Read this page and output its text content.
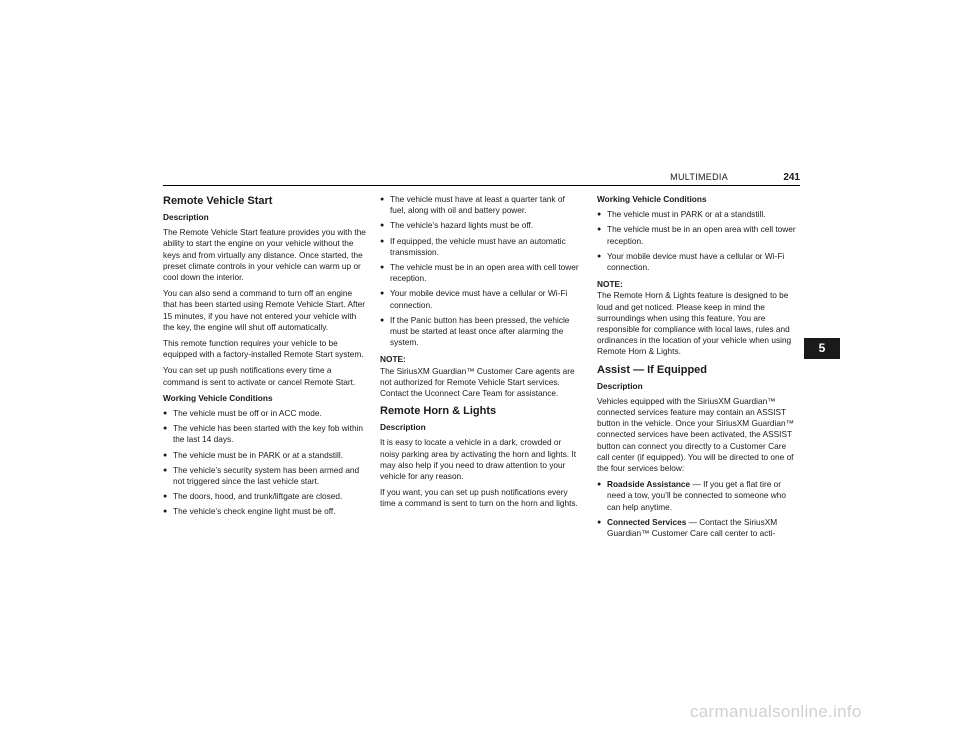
MULTIMEDIA	241
Remote Vehicle Start
Description

The Remote Vehicle Start feature provides you with the ability to start the engine on your vehicle without the keys and from virtually any distance. Once started, the preset climate controls in your vehicle can warm up or cool down the interior.

You can also send a command to turn off an engine that has been started using Remote Vehicle Start. After 15 minutes, if you have not entered your vehicle with the key, the engine will shut off automatically.

This remote function requires your vehicle to be equipped with a factory-installed Remote Start system.

You can set up push notifications every time a command is sent to activate or cancel Remote Start.

Working Vehicle Conditions
● The vehicle must be off or in ACC mode.
● The vehicle has been started with the key fob within the last 14 days.
● The vehicle must be in PARK or at a standstill.
● The vehicle’s security system has been armed and not triggered since the last vehicle start.
● The doors, hood, and trunk/liftgate are closed.
● The vehicle’s check engine light must be off.
● The vehicle must have at least a quarter tank of fuel, along with oil and battery power.
● The vehicle’s hazard lights must be off.
● If equipped, the vehicle must have an automatic transmission.
● The vehicle must be in an open area with cell tower reception.
● Your mobile device must have a cellular or Wi-Fi connection.
● If the Panic button has been pressed, the vehicle must be started at least once after alarming the system.
NOTE:

The SiriusXM Guardian™ Customer Care agents are not authorized for Remote Vehicle Start services. Contact the Uconnect Care Team for assistance.

Remote Horn & Lights
Description

It is easy to locate a vehicle in a dark, crowded or noisy parking area by activating the horn and lights. It may also help if you need to draw attention to your vehicle for any reason.

If you want, you can set up push notifications every time a command is sent to turn on the horn and lights.

Working Vehicle Conditions
● The vehicle must in PARK or at a standstill.
● The vehicle must be in an open area with cell tower reception.
● Your mobile device must have a cellular or Wi-Fi connection.
NOTE:

The Remote Horn & Lights feature is designed to be loud and get noticed. Please keep in mind the surroundings when using this feature. You are responsible for compliance with local laws, rules and ordinances in the location of your vehicle when using Remote Horn & Lights.

Assist — If Equipped
Description

Vehicles equipped with the SiriusXM Guardian™ connected services feature may contain an ASSIST button in the vehicle. Once your SiriusXM Guardian™ connected services have been activated, the ASSIST button can connect you directly to a Customer Care call center (if equipped). You will be directed to one of the four services below:

● Roadside Assistance — If you get a flat tire or need a tow, you’ll be connected to someone who can help anytime.
● Connected Services — Contact the SiriusXM Guardian™ Customer Care call center to acti-
5
carmanualsonline.info
